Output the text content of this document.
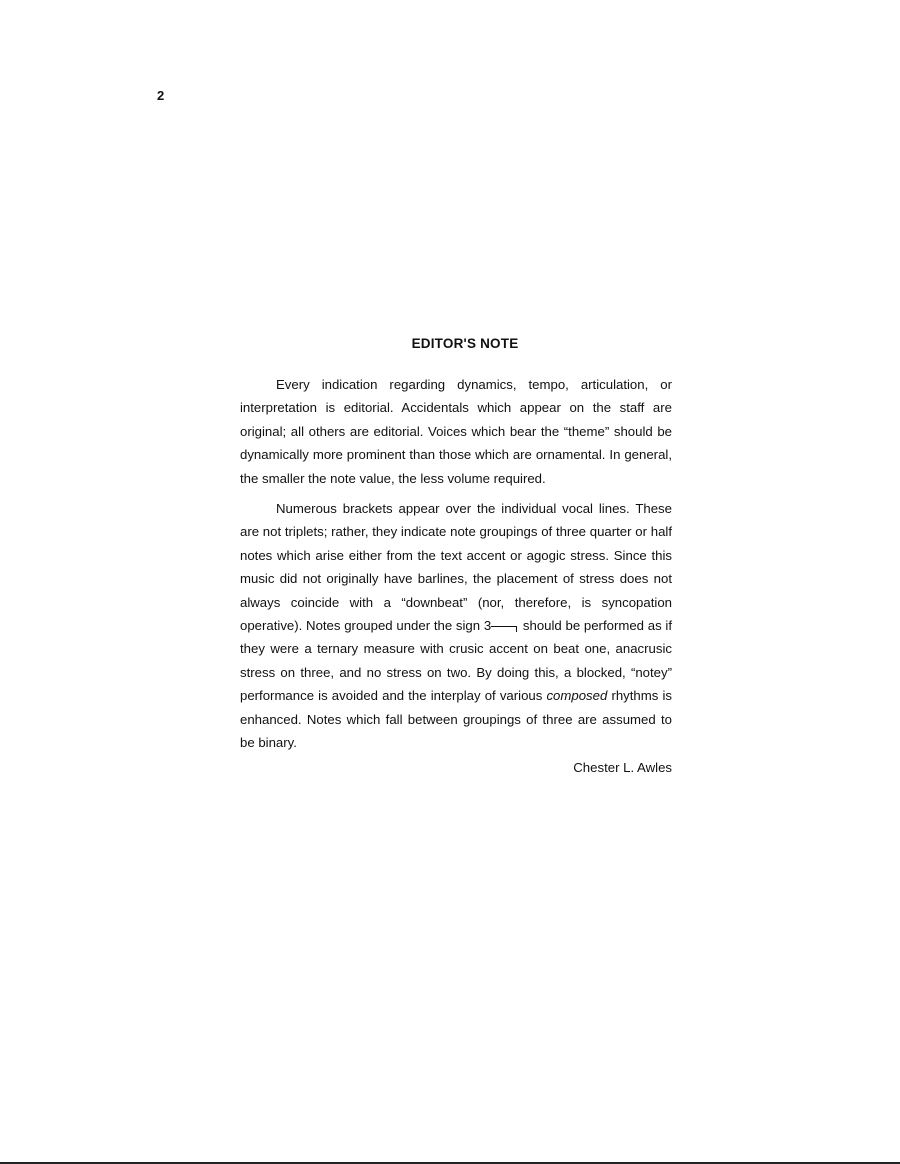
2
EDITOR'S NOTE

Every indication regarding dynamics, tempo, articulation, or interpretation is editorial. Accidentals which appear on the staff are original; all others are editorial. Voices which bear the “theme” should be dynamically more prominent than those which are ornamental. In general, the smaller the note value, the less volume required.

Numerous brackets appear over the individual vocal lines. These are not triplets; rather, they indicate note groupings of three quarter or half notes which arise either from the text accent or agogic stress. Since this music did not originally have barlines, the placement of stress does not always coincide with a “downbeat” (nor, therefore, is syncopation operative). Notes grouped under the sign 3
should be performed as if they were a ternary measure with crusic accent on beat one, anacrusic stress on three, and no stress on two. By doing this, a blocked, “notey” performance is avoided and the interplay of various composed rhythms is enhanced. Notes which fall between groupings of three are assumed to be binary.

Chester L. Awles
